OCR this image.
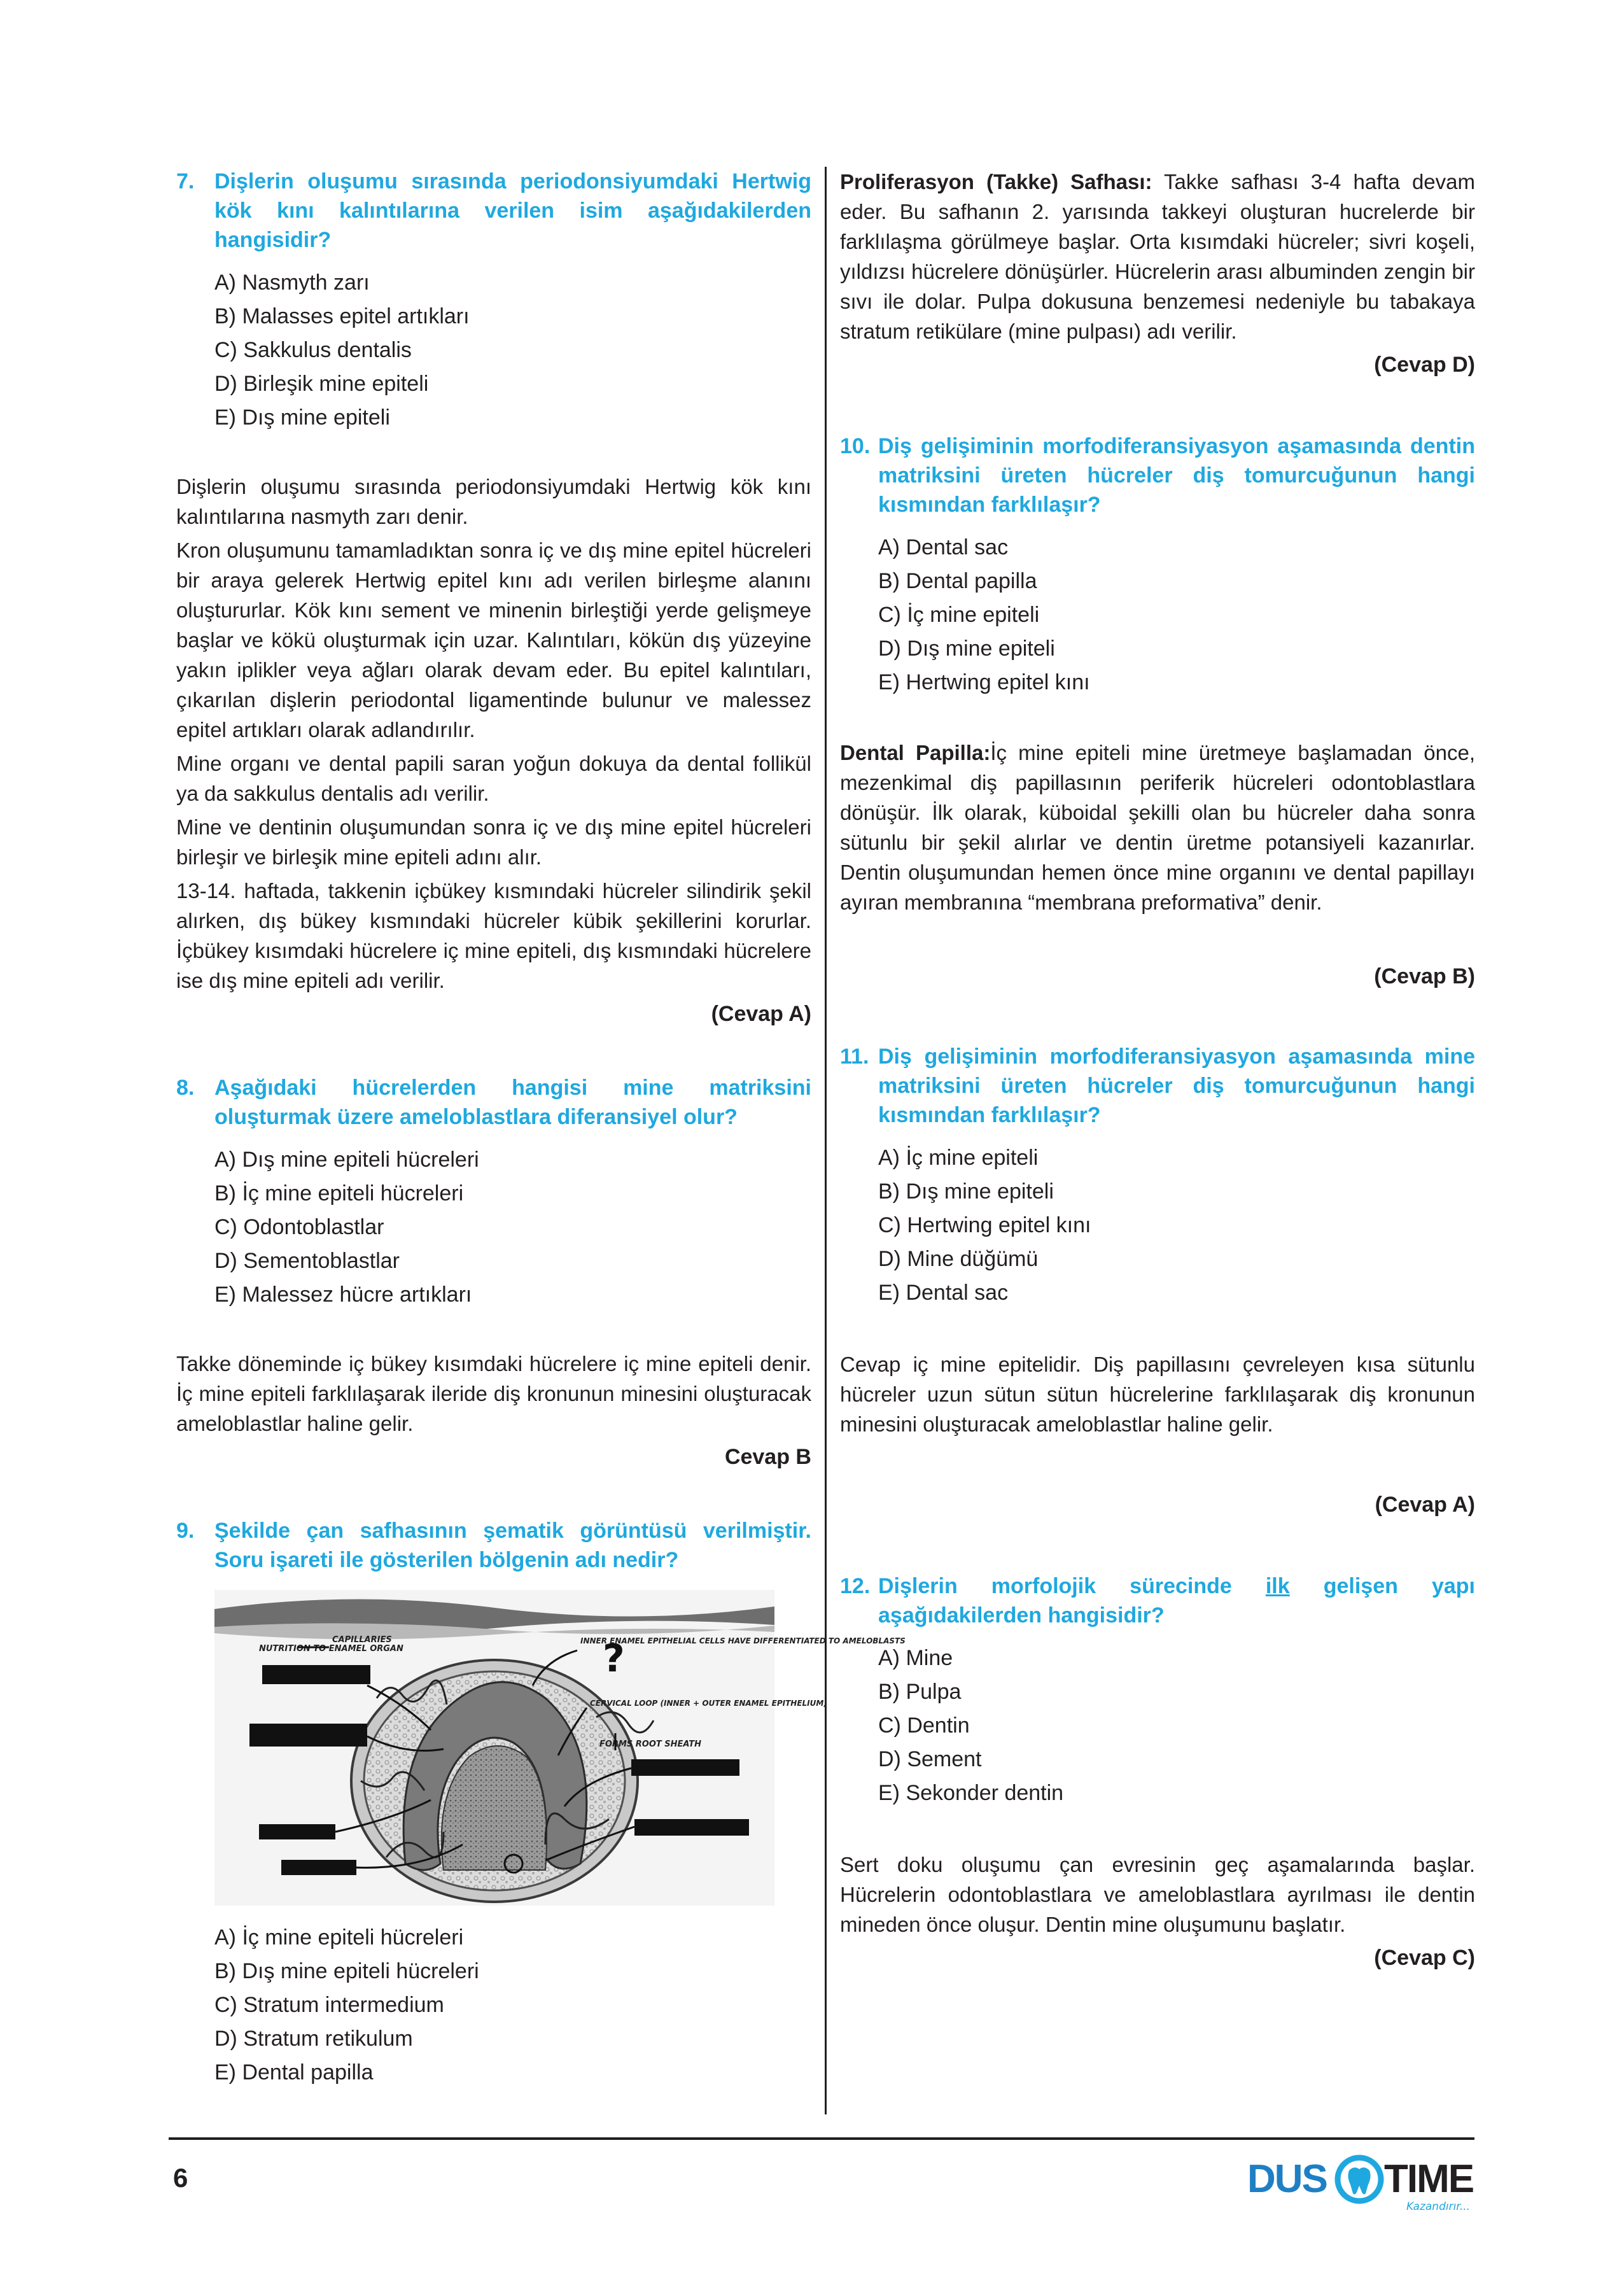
7. Dişlerin oluşumu sırasında periodonsiyumdaki Hertwig kök kını kalıntılarına verilen isim aşağıdakilerden hangisidir?
A) Nasmyth zarı
B) Malasses epitel artıkları
C) Sakkulus dentalis
D) Birleşik mine epiteli
E) Dış mine epiteli

Dişlerin oluşumu sırasında periodonsiyumdaki Hertwig kök kını kalıntılarına nasmyth zarı denir.

Kron oluşumunu tamamladıktan sonra iç ve dış mine epitel hücreleri bir araya gelerek Hertwig epitel kını adı verilen birleşme alanını oluştururlar. Kök kını sement ve minenin birleştiği yerde gelişmeye başlar ve kökü oluşturmak için uzar. Kalıntıları, kökün dış yüzeyine yakın iplikler veya ağları olarak devam eder. Bu epitel kalıntıları, çıkarılan dişlerin periodontal ligamentinde bulunur ve malessez epitel artıkları olarak adlandırılır.

Mine organı ve dental papili saran yoğun dokuya da dental follikül ya da sakkulus dentalis adı verilir.

Mine ve dentinin oluşumundan sonra iç ve dış mine epitel hücreleri birleşir ve birleşik mine epiteli adını alır.

13-14. haftada, takkenin içbükey kısmındaki hücreler silindirik şekil alırken, dış bükey kısmındaki hücreler kübik şekillerini korurlar. İçbükey kısımdaki hücrelere iç mine epiteli, dış kısmındaki hücrelere ise dış mine epiteli adı verilir.

(Cevap A)
8. Aşağıdaki hücrelerden hangisi mine matriksini oluşturmak üzere ameloblastlara diferansiyel olur?
A) Dış mine epiteli hücreleri
B) İç mine epiteli hücreleri
C) Odontoblastlar
D) Sementoblastlar
E) Malessez hücre artıkları

Takke döneminde iç bükey kısımdaki hücrelere iç mine epiteli denir. İç mine epiteli farklılaşarak ileride diş kronunun minesini oluşturacak ameloblastlar haline gelir.

Cevap B
9. Şekilde çan safhasının şematik görüntüsü verilmiştir. Soru işareti ile gösterilen bölgenin adı nedir?
NUTRITION TO ENAMEL ORGAN
CAPILLARIES	INNER ENAMEL EPITHELIAL CELLS HAVE DIFFERENTIATED TO AMELOBLASTS
CERVICAL LOOP (INNER + OUTER ENAMEL EPITHELIUM)
FORMS ROOT SHEATH
?
A) İç mine epiteli hücreleri
B) Dış mine epiteli hücreleri
C) Stratum intermedium
D) Stratum retikulum
E) Dental papilla

Proliferasyon (Takke) Safhası: Takke safhası 3-4 hafta devam eder. Bu safhanın 2. yarısında takkeyi oluşturan hucrelerde bir farklılaşma görülmeye başlar. Orta kısımdaki hücreler; sivri koşeli, yıldızsı hücrelere dönüşürler. Hücrelerin arası albuminden zengin bir sıvı ile dolar. Pulpa dokusuna benzemesi nedeniyle bu tabakaya stratum retikülare (mine pulpası) adı verilir.

(Cevap D)
10. Diş gelişiminin morfodiferansiyasyon aşamasında dentin matriksini üreten hücreler diş tomurcuğunun hangi kısmından farklılaşır?
A) Dental sac
B) Dental papilla
C) İç mine epiteli
D) Dış mine epiteli
E) Hertwing epitel kını

Dental Papilla:İç mine epiteli mine üretmeye başlamadan önce, mezenkimal diş papillasının periferik hücreleri odontoblastlara dönüşür. İlk olarak, küboidal şekilli olan bu hücreler daha sonra sütunlu bir şekil alırlar ve dentin üretme potansiyeli kazanırlar. Dentin oluşumundan hemen önce mine organını ve dental papillayı ayıran membranına “membrana preformativa” denir.

(Cevap B)
11. Diş gelişiminin morfodiferansiyasyon aşamasında mine matriksini üreten hücreler diş tomurcuğunun hangi kısmından farklılaşır?
A) İç mine epiteli
B) Dış mine epiteli
C) Hertwing epitel kını
D) Mine düğümü
E) Dental sac

Cevap iç mine epitelidir. Diş papillasını çevreleyen kısa sütunlu hücreler uzun sütun sütun hücrelerine farklılaşarak diş kronunun minesini oluşturacak ameloblastlar haline gelir.

(Cevap A)
12. Dişlerin morfolojik sürecinde ilk gelişen yapı aşağıdakilerden hangisidir?
A) Mine
B) Pulpa
C) Dentin
D) Sement
E) Sekonder dentin

Sert doku oluşumu çan evresinin geç aşamalarında başlar. Hücrelerin odontoblastlara ve ameloblastlara ayrılması ile dentin mineden önce oluşur. Dentin mine oluşumunu başlatır.

(Cevap C)
6	DUS TIME
Kazandırır...
